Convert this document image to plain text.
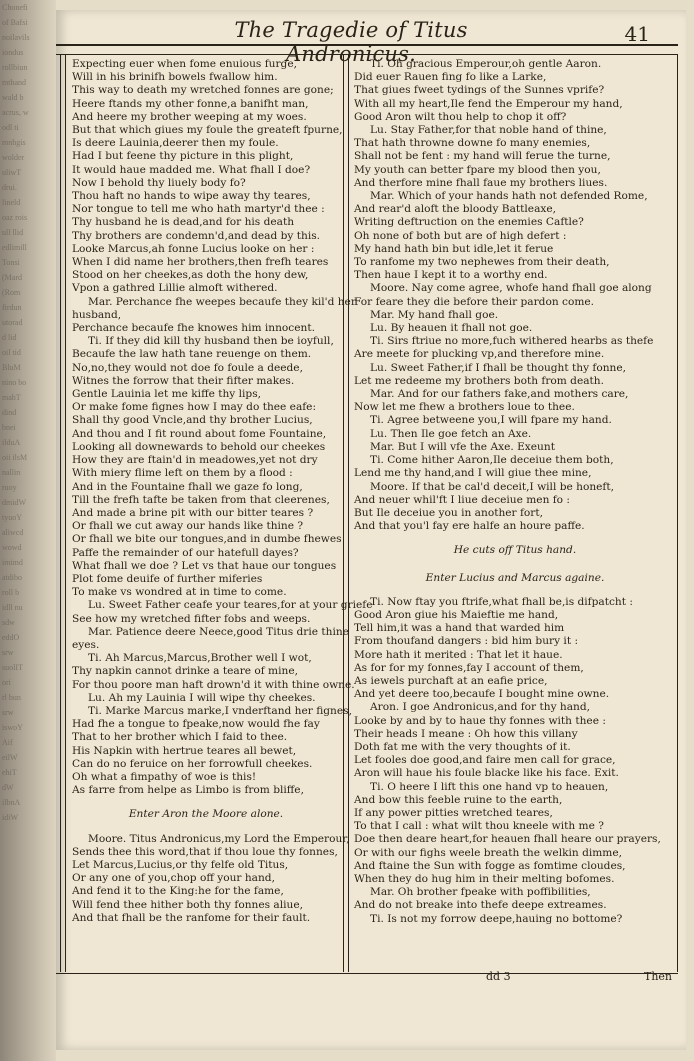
Chonefi
of Bafsi
noilavils
iondus
rollbiun
mthand
wald b
acrus, w
odl ti
mnhgis
wolder
uliwT
drui.
lineld
oaz rois
ull llid
edlimill
Tonsi
(Mard
(Rom
firdun
utorad
d lid
oil tid
BluM
nino bo
mahT
dind
bnei
ilduA
oii ilsM
nallin
ruoy
dmidW
tyuoY
aliwcd
wowd
imimd
atdibo
roll b
idll nu
sdw
eddO
srw
suolIT
ori
rl bun
srw
iswoY
Aif
eilW
ehiT
dW
ilbnA
idiW
The Tragedie of Titus Andronicus.
41
Expecting euer when fome enuious furge,
Will in his brinifh bowels fwallow him.
This way to death my wretched fonnes are gone;
Heere ftands my other fonne,a banifht man,
And heere my brother weeping at my woes.
But that which giues my foule the greateft fpurne,
Is deere Lauinia,deerer then my foule.
Had I but feene thy picture in this plight,
It would haue madded me. What fhall I doe?
Now I behold thy liuely body fo?
Thou haft no hands to wipe away thy teares,
Nor tongue to tell me who hath martyr'd thee :
Thy husband he is dead,and for his death
Thy brothers are condemn'd,and dead by this.
Looke Marcus,ah fonne Lucius looke on her :
When I did name her brothers,then frefh teares
Stood on her cheekes,as doth the hony dew,
Vpon a gathred Lillie almoft withered.
Mar. Perchance fhe weepes becaufe they kil'd her
husband,
Perchance becaufe fhe knowes him innocent.
Ti. If they did kill thy husband then be ioyfull,
Becaufe the law hath tane reuenge on them.
No,no,they would not doe fo foule a deede,
Witnes the forrow that their fifter makes.
Gentle Lauinia let me kiffe thy lips,
Or make fome fignes how I may do thee eafe:
Shall thy good Vncle,and thy brother Lucius,
And thou and I fit round about fome Fountaine,
Looking all downewards to behold our cheekes
How they are ftain'd in meadowes,yet not dry
With miery flime left on them by a flood :
And in the Fountaine fhall we gaze fo long,
Till the frefh tafte be taken from that cleerenes,
And made a brine pit with our bitter teares ?
Or fhall we cut away our hands like thine ?
Or fhall we bite our tongues,and in dumbe fhewes
Paffe the remainder of our hatefull dayes?
What fhall we doe ? Let vs that haue our tongues
Plot fome deuife of further miferies
To make vs wondred at in time to come.
Lu. Sweet Father ceafe your teares,for at your griefe
See how my wretched fifter fobs and weeps.
Mar. Patience deere Neece,good Titus drie thine
eyes.
Ti. Ah Marcus,Marcus,Brother well I wot,
Thy napkin cannot drinke a teare of mine,
For thou poore man haft drown'd it with thine owne.
Lu. Ah my Lauinia I will wipe thy cheekes.
Ti. Marke Marcus marke,I vnderftand her fignes,
Had fhe a tongue to fpeake,now would fhe fay
That to her brother which I faid to thee.
His Napkin with hertrue teares all bewet,
Can do no feruice on her forrowfull cheekes.
Oh what a fimpathy of woe is this!
As farre from helpe as Limbo is from bliffe,
Enter Aron the Moore alone.
Moore. Titus Andronicus,my Lord the Emperour,
Sends thee this word,that if thou loue thy fonnes,
Let Marcus,Lucius,or thy felfe old Titus,
Or any one of you,chop off your hand,
And fend it to the King:he for the fame,
Will fend thee hither both thy fonnes aliue,
And that fhall be the ranfome for their fault.
Ti. Oh gracious Emperour,oh gentle Aaron.
Did euer Rauen fing fo like a Larke,
That giues fweet tydings of the Sunnes vprife?
With all my heart,Ile fend the Emperour my hand,
Good Aron wilt thou help to chop it off?
Lu. Stay Father,for that noble hand of thine,
That hath throwne downe fo many enemies,
Shall not be fent : my hand will ferue the turne,
My youth can better fpare my blood then you,
And therfore mine fhall faue my brothers liues.
Mar. Which of your hands hath not defended Rome,
And rear'd aloft the bloody Battleaxe,
Writing deftruction on the enemies Caftle?
Oh none of both but are of high defert :
My hand hath bin but idle,let it ferue
To ranfome my two nephewes from their death,
Then haue I kept it to a worthy end.
Moore. Nay come agree, whofe hand fhall goe along
For feare they die before their pardon come.
Mar. My hand fhall goe.
Lu. By heauen it fhall not goe.
Ti. Sirs ftriue no more,fuch withered hearbs as thefe
Are meete for plucking vp,and therefore mine.
Lu. Sweet Father,if I fhall be thought thy fonne,
Let me redeeme my brothers both from death.
Mar. And for our fathers fake,and mothers care,
Now let me fhew a brothers loue to thee.
Ti. Agree betweene you,I will fpare my hand.
Lu. Then Ile goe fetch an Axe.
Mar. But I will vfe the Axe. Exeunt
Ti. Come hither Aaron,Ile deceiue them both,
Lend me thy hand,and I will giue thee mine,
Moore. If that be cal'd deceit,I will be honeft,
And neuer whil'ft I liue deceiue men fo :
But Ile deceiue you in another fort,
And that you'l fay ere halfe an houre paffe.
He cuts off Titus hand.
Enter Lucius and Marcus againe.
Ti. Now ftay you ftrife,what fhall be,is difpatcht :
Good Aron giue his Maieftie me hand,
Tell him,it was a hand that warded him
From thoufand dangers : bid him bury it :
More hath it merited : That let it haue.
As for for my fonnes,fay I account of them,
As iewels purchaft at an eafie price,
And yet deere too,becaufe I bought mine owne.
Aron. I goe Andronicus,and for thy hand,
Looke by and by to haue thy fonnes with thee :
Their heads I meane : Oh how this villany
Doth fat me with the very thoughts of it.
Let fooles doe good,and faire men call for grace,
Aron will haue his foule blacke like his face. Exit.
Ti. O heere I lift this one hand vp to heauen,
And bow this feeble ruine to the earth,
If any power pitties wretched teares,
To that I call : what wilt thou kneele with me ?
Doe then deare heart,for heauen fhall heare our prayers,
Or with our fighs weele breath the welkin dimme,
And ftaine the Sun with fogge as fomtime cloudes,
When they do hug him in their melting bofomes.
Mar. Oh brother fpeake with poffibilities,
And do not breake into thefe deepe extreames.
Ti. Is not my forrow deepe,hauing no bottome?
dd 3	Then
